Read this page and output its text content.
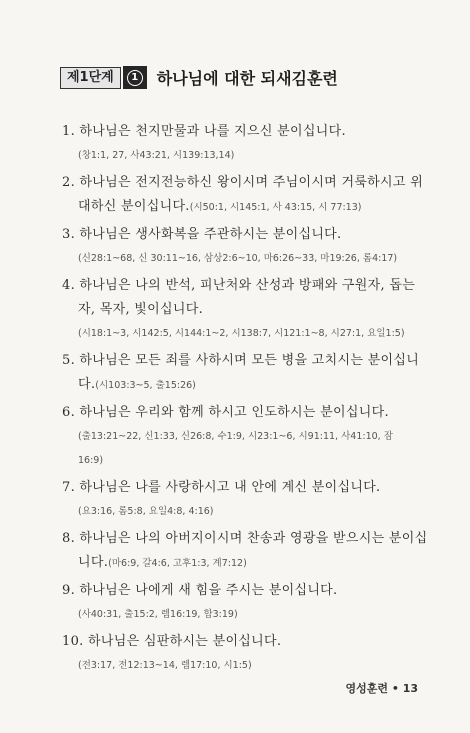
제1단계	1 하나님에 대한 되새김훈련
1. 하나님은 천지만물과 나를 지으신 분이십니다.
(창1:1, 27, 사43:21, 시139:13,14)
2. 하나님은 전지전능하신 왕이시며 주님이시며 거룩하시고 위
대하신 분이십니다.(시50:1, 시145:1, 사 43:15, 시 77:13)
3. 하나님은 생사화복을 주관하시는 분이십니다.
(신28:1~68, 신 30:11~16, 삼상2:6~10, 마6:26~33, 마19:26, 롬4:17)
4. 하나님은 나의 반석, 피난처와 산성과 방패와 구원자, 돕는
자, 목자, 빛이십니다.
(시18:1~3, 시142:5, 시144:1~2, 시138:7, 시121:1~8, 시27:1, 요일1:5)
5. 하나님은 모든 죄를 사하시며 모든 병을 고치시는 분이십니
다.(시103:3~5, 출15:26)
6. 하나님은 우리와 함께 하시고 인도하시는 분이십니다.
(출13:21~22, 신1:33, 신26:8, 수1:9, 시23:1~6, 시91:11, 사41:10, 잠
16:9)
7. 하나님은 나를 사랑하시고 내 안에 계신 분이십니다.
(요3:16, 롬5:8, 요일4:8, 4:16)
8. 하나님은 나의 아버지이시며 찬송과 영광을 받으시는 분이십
니다.(마6:9, 갈4:6, 고후1:3, 계7:12)
9. 하나님은 나에게 새 힘을 주시는 분이십니다.
(사40:31, 출15:2, 렘16:19, 합3:19)
10. 하나님은 심판하시는 분이십니다.
(전3:17, 전12:13~14, 렘17:10, 시1:5)
영성훈련 • 13
